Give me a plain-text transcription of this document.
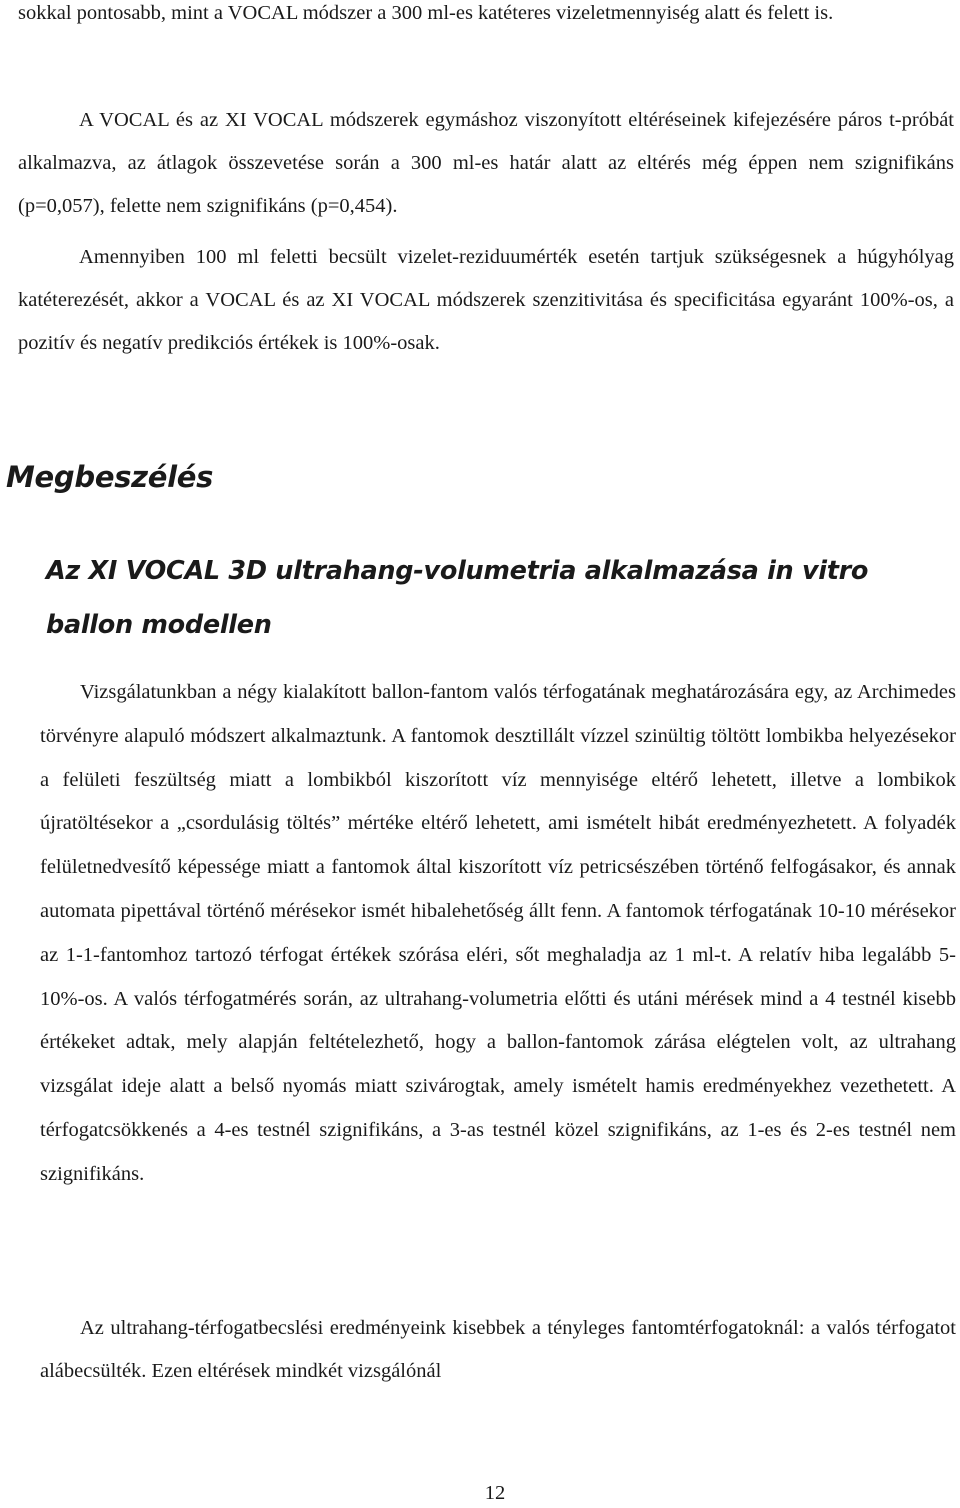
sokkal pontosabb, mint a VOCAL módszer a 300 ml-es katéteres vizeletmennyiség alatt és felett is.

A VOCAL és az XI VOCAL módszerek egymáshoz viszonyított eltéréseinek kifejezésére páros t-próbát alkalmazva, az átlagok összevetése során a 300 ml-es határ alatt az eltérés még éppen nem szignifikáns (p=0,057), felette nem szignifikáns (p=0,454).

Amennyiben 100 ml feletti becsült vizelet-reziduumérték esetén tartjuk szükségesnek a húgyhólyag katéterezését, akkor a VOCAL és az XI VOCAL módszerek szenzitivitása és specificitása egyaránt 100%-os, a pozitív és negatív predikciós értékek is 100%-osak.

Megbeszélés
Az XI VOCAL 3D ultrahang-volumetria alkalmazása in vitro ballon modellen

Vizsgálatunkban a négy kialakított ballon-fantom valós térfogatának meghatározására egy, az Archimedes törvényre alapuló módszert alkalmaztunk. A fantomok desztillált vízzel szinültig töltött lombikba helyezésekor a felületi feszültség miatt a lombikból kiszorított víz mennyisége eltérő lehetett, illetve a lombikok újratöltésekor a „csordulásig töltés” mértéke eltérő lehetett, ami ismételt hibát eredményezhetett. A folyadék felületnedvesítő képessége miatt a fantomok által kiszorított víz petricsészében történő felfogásakor, és annak automata pipettával történő mérésekor ismét hibalehetőség állt fenn. A fantomok térfogatának 10-10 mérésekor az 1-1-fantomhoz tartozó térfogat értékek szórása eléri, sőt meghaladja az 1 ml-t. A relatív hiba legalább 5-10%-os. A valós térfogatmérés során, az ultrahang-volumetria előtti és utáni mérések mind a 4 testnél kisebb értékeket adtak, mely alapján feltételezhető, hogy a ballon-fantomok zárása elégtelen volt, az ultrahang vizsgálat ideje alatt a belső nyomás miatt szivárogtak, amely ismételt hamis eredményekhez vezethetett. A térfogatcsökkenés a 4-es testnél szignifikáns, a 3-as testnél közel szignifikáns, az 1-es és 2-es testnél nem szignifikáns.

Az ultrahang-térfogatbecslési eredményeink kisebbek a tényleges fantomtérfogatoknál: a valós térfogatot alábecsülték. Ezen eltérések mindkét vizsgálónál

12
